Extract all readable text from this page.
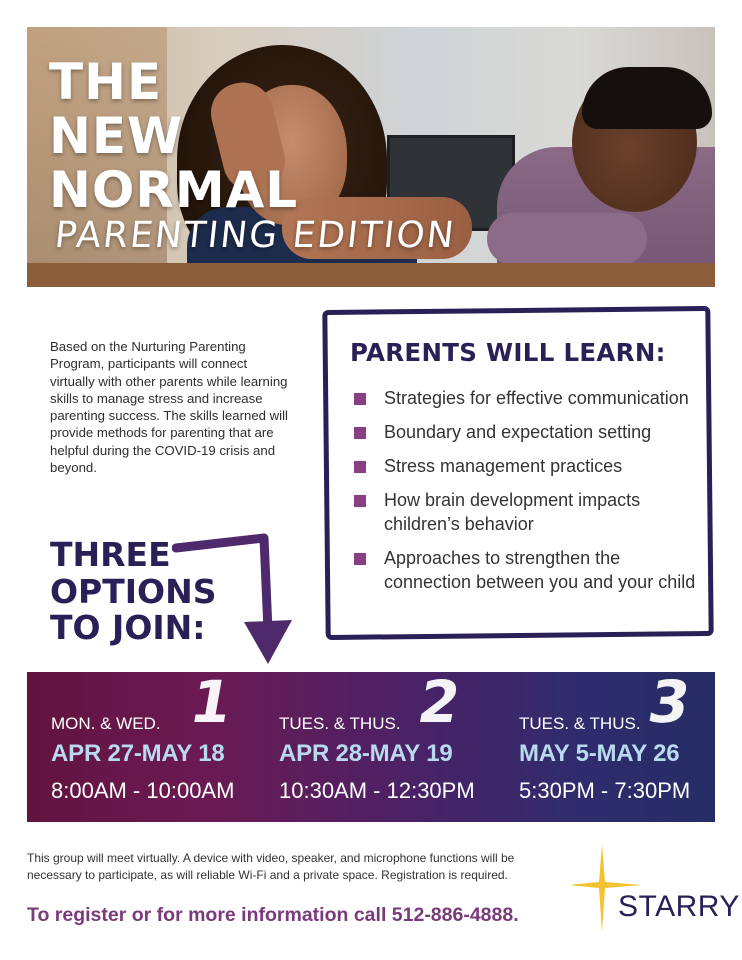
THE
NEW
NORMAL
PARENTING EDITION

Based on the Nurturing Parenting Program, participants will connect virtually with other parents while learning skills to manage stress and increase parenting success. The skills learned will provide methods for parenting that are helpful during the COVID-19 crisis and beyond.

PARENTS WILL LEARN:
Strategies for effective communication
Boundary and expectation setting
Stress management practices
How brain development impacts children’s behavior
Approaches to strengthen the connection between you and your child
THREE
OPTIONS
TO JOIN:
1
MON. & WED.
APR 27-MAY 18
8:00AM - 10:00AM
2
TUES. & THUS.
APR 28-MAY 19
10:30AM - 12:30PM
3
TUES. & THUS.
MAY 5-MAY 26
5:30PM - 7:30PM

This group will meet virtually. A device with video, speaker, and microphone functions will be necessary to participate, as will reliable Wi-Fi and a private space. Registration is required.

To register or for more information call 512-886-4888.	STARRY
